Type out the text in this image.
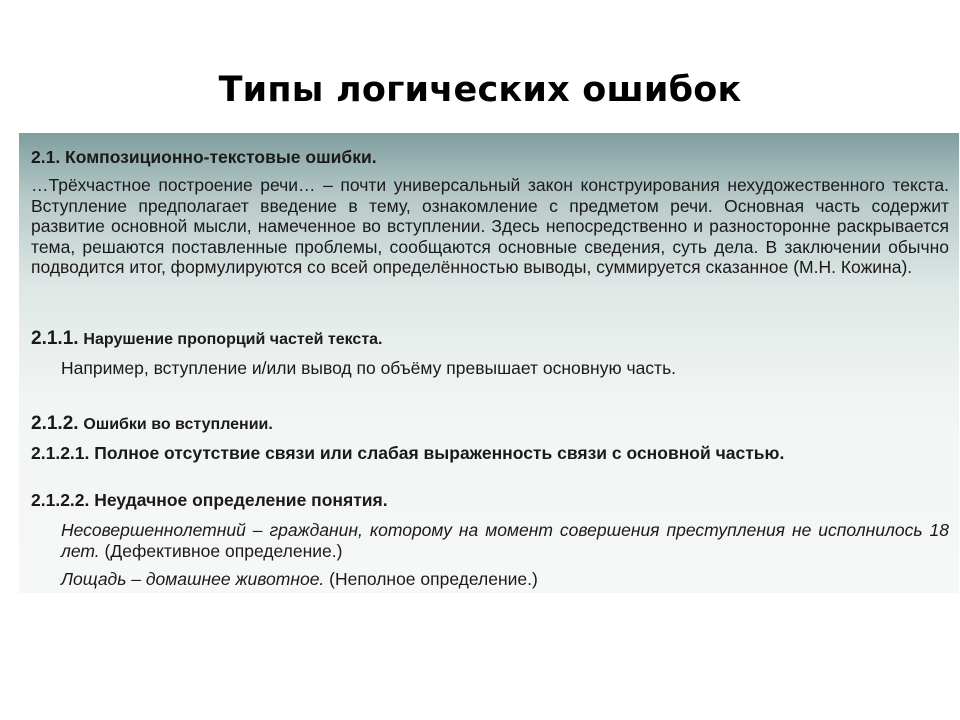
Типы логических ошибок

2.1. Композиционно-текстовые ошибки.

…Трёхчастное построение речи… – почти универсальный закон конструирования нехудожественного текста. Вступление предполагает введение в тему, ознакомление с предметом речи. Основная часть содержит развитие основной мысли, намеченное во вступлении. Здесь непосредственно и разносторонне раскрывается тема, решаются поставленные проблемы, сообщаются основные сведения, суть дела. В заключении обычно подводится итог, формулируются со всей определённостью выводы, суммируется сказанное (М.Н. Кожина).

2.1.1. Нарушение пропорций частей текста.

Например, вступление и/или вывод по объёму превышает основную часть.

2.1.2. Ошибки во вступлении.

2.1.2.1. Полное отсутствие связи или слабая выраженность связи с основной частью.

2.1.2.2. Неудачное определение понятия.

Несовершеннолетний – гражданин, которому на момент совершения преступления не исполнилось 18 лет. (Дефективное определение.)

Лощадь – домашнее животное. (Неполное определение.)
